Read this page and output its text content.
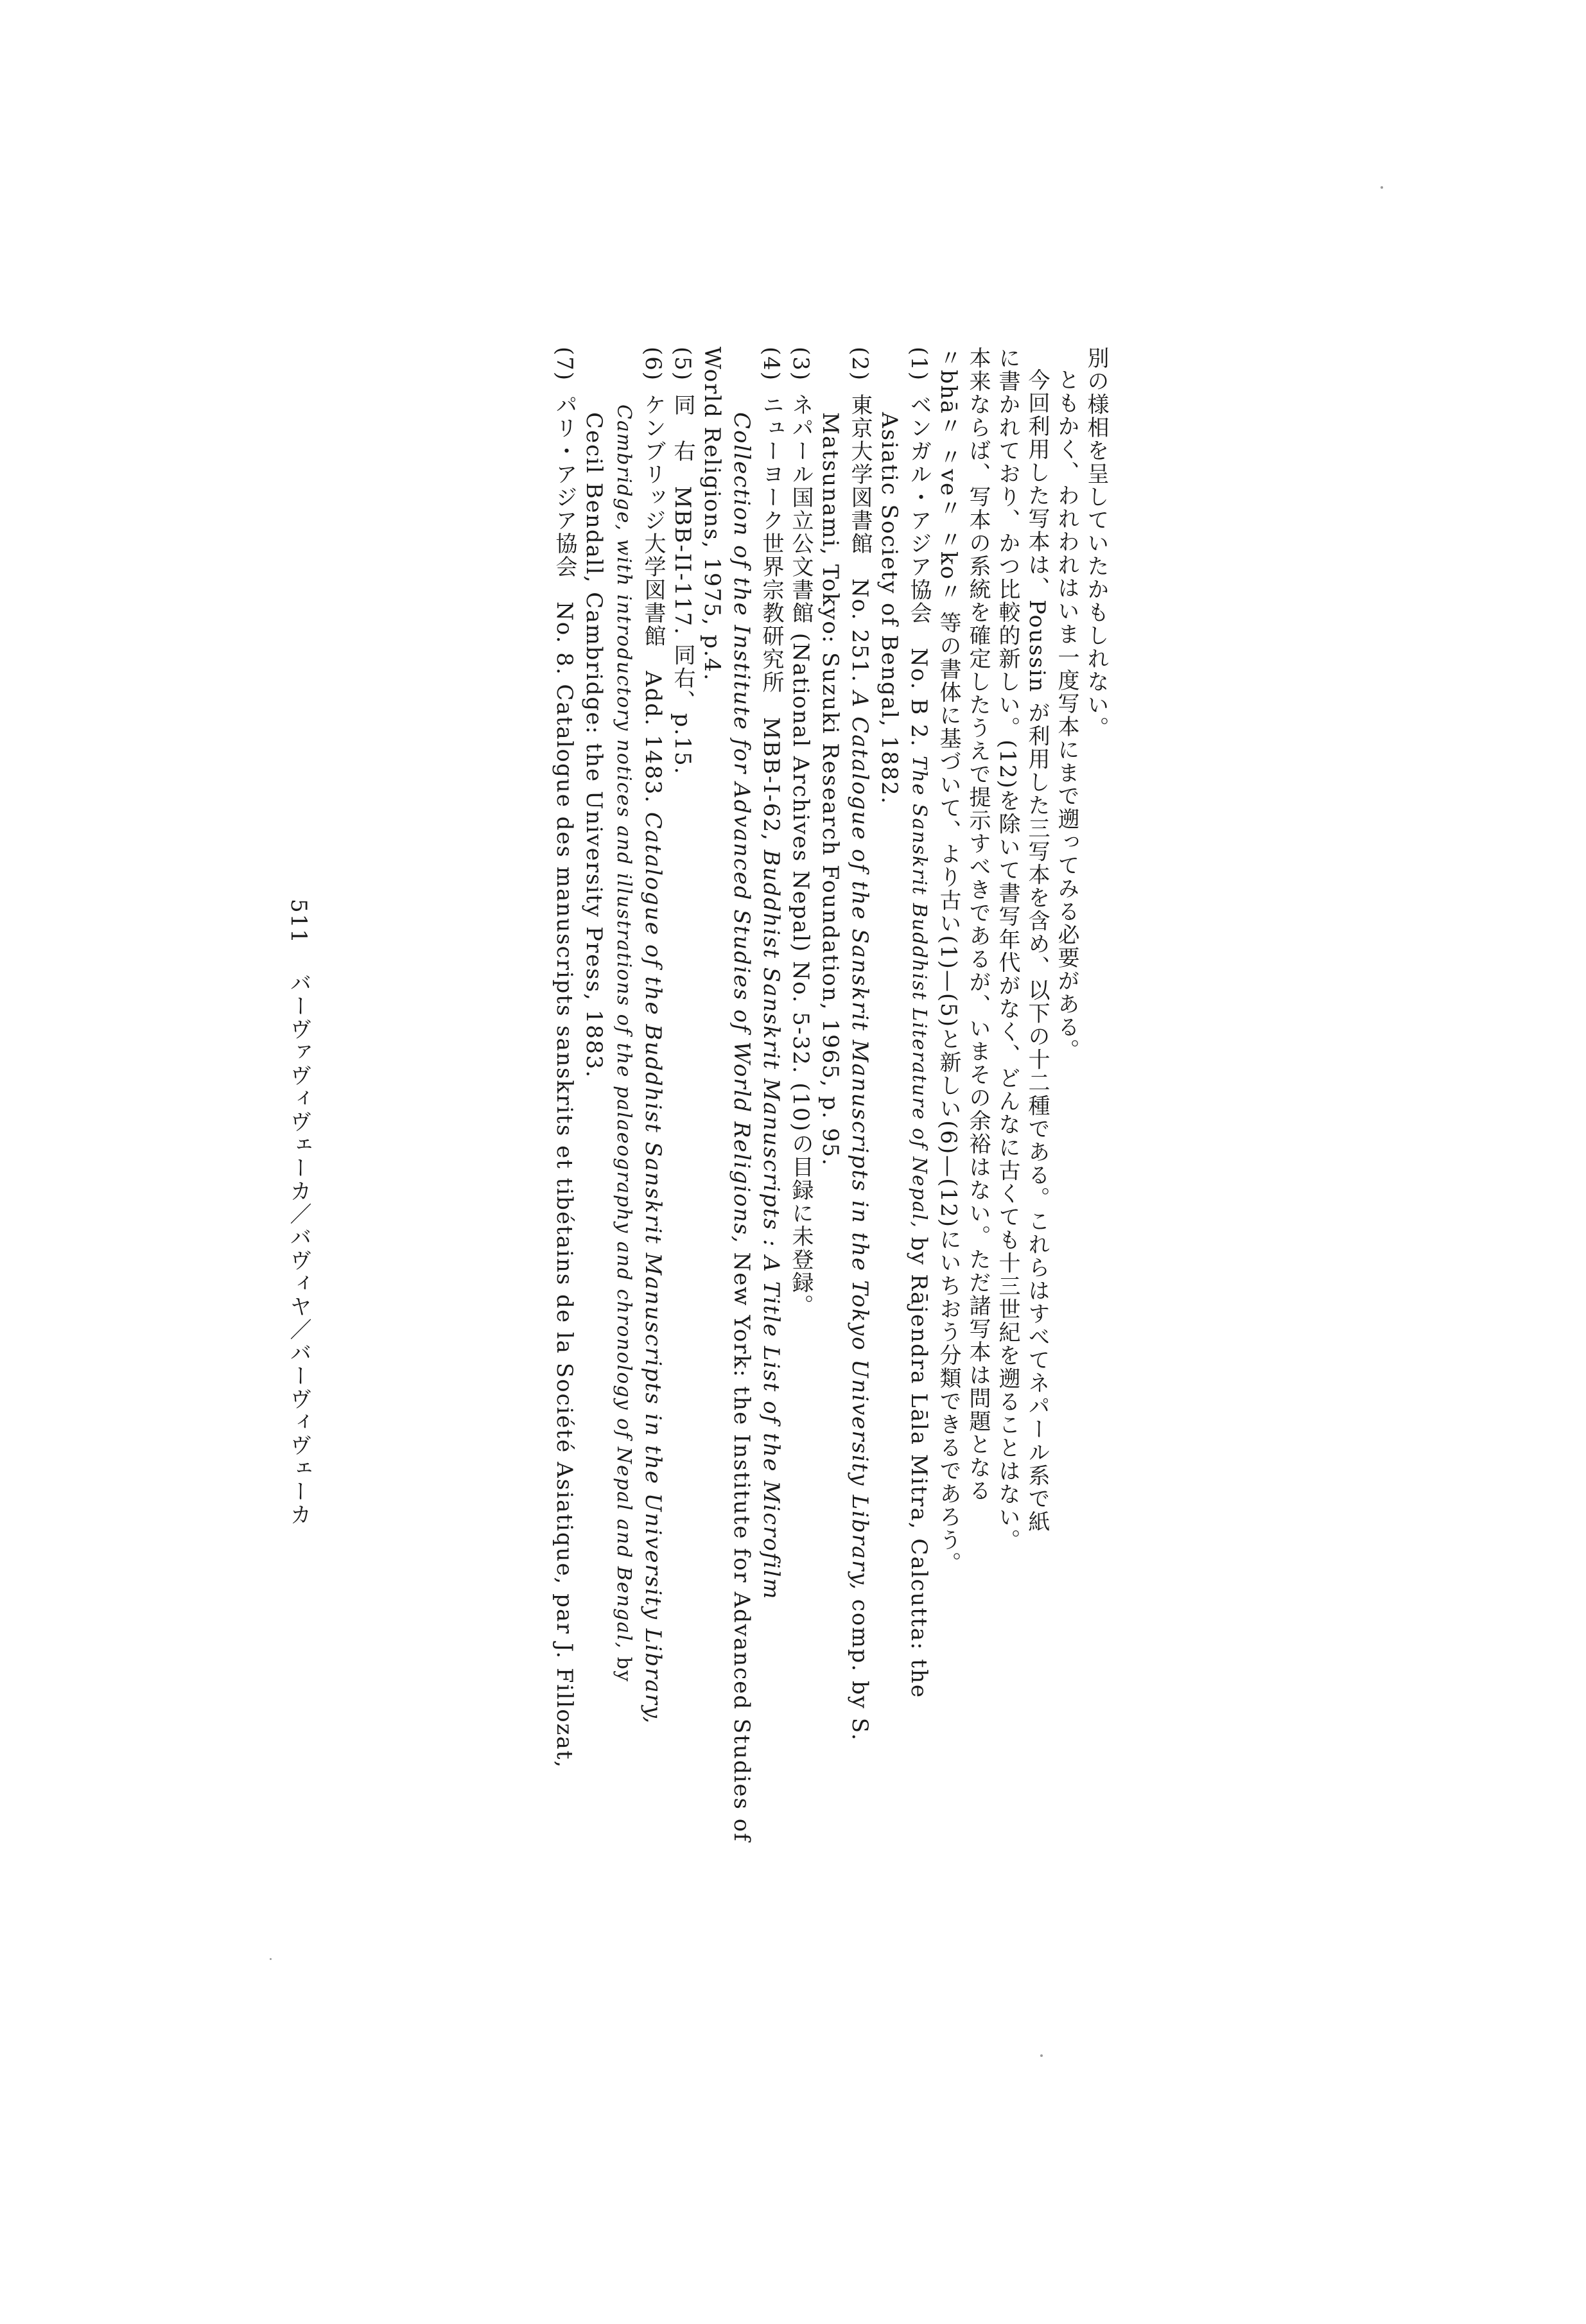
別の様相を呈していたかもしれない。
ともかく、われわれはいま一度写本にまで遡ってみる必要がある。
今回利用した写本は、Poussin が利用した三写本を含め、以下の十二種である。これらはすべてネパール系で紙
に書かれており、かつ比較的新しい。(12)を除いて書写年代がなく、どんなに古くても十三世紀を遡ることはない。
本来ならば、写本の系統を確定したうえで提示すべきであるが、いまその余裕はない。ただ諸写本は問題となる
〃bhā〃 〃ve〃 〃ko〃 等の書体に基づいて、より古い(1)—(5)と新しい(6)—(12)にいちおう分類できるであろう。
(1) ベンガル・アジア協会　No. B 2. The Sanskrit Buddhist Literature of Nepal, by Rājendra Lāla Mitra, Calcutta: the
Asiatic Society of Bengal, 1882.
(2) 東京大学図書館　No. 251. A Catalogue of the Sanskrit Manuscripts in the Tokyo University Library, comp. by S.
Matsunami, Tokyo: Suzuki Research Foundation, 1965, p. 95.
(3) ネパール国立公文書館 (National Archives Nepal) No. 5-32. (10)の目録に未登録。
(4) ニューヨーク世界宗教研究所　MBB-I-62, Buddhist Sanskrit Manuscripts : A Title List of the Microfilm
Collection of the Institute for Advanced Studies of World Religions, New York: the Institute for Advanced Studies of
World Religions, 1975, p.4.
(5) 同　右　MBB-II-117. 同右、p.15.
(6) ケンブリッジ大学図書館　Add. 1483. Catalogue of the Buddhist Sanskrit Manuscripts in the University Library,
Cambridge, with introductory notices and illustrations of the palaeography and chronology of Nepal and Bengal, by
Cecil Bendall, Cambridge: the University Press, 1883.
(7) パリ・アジア協会　No. 8. Catalogue des manuscripts sanskrits et tibétains de la Société Asiatique, par J. Fillozat,
511 バーヴァヴィヴェーカ／バヴィヤ／バーヴィヴェーカ
